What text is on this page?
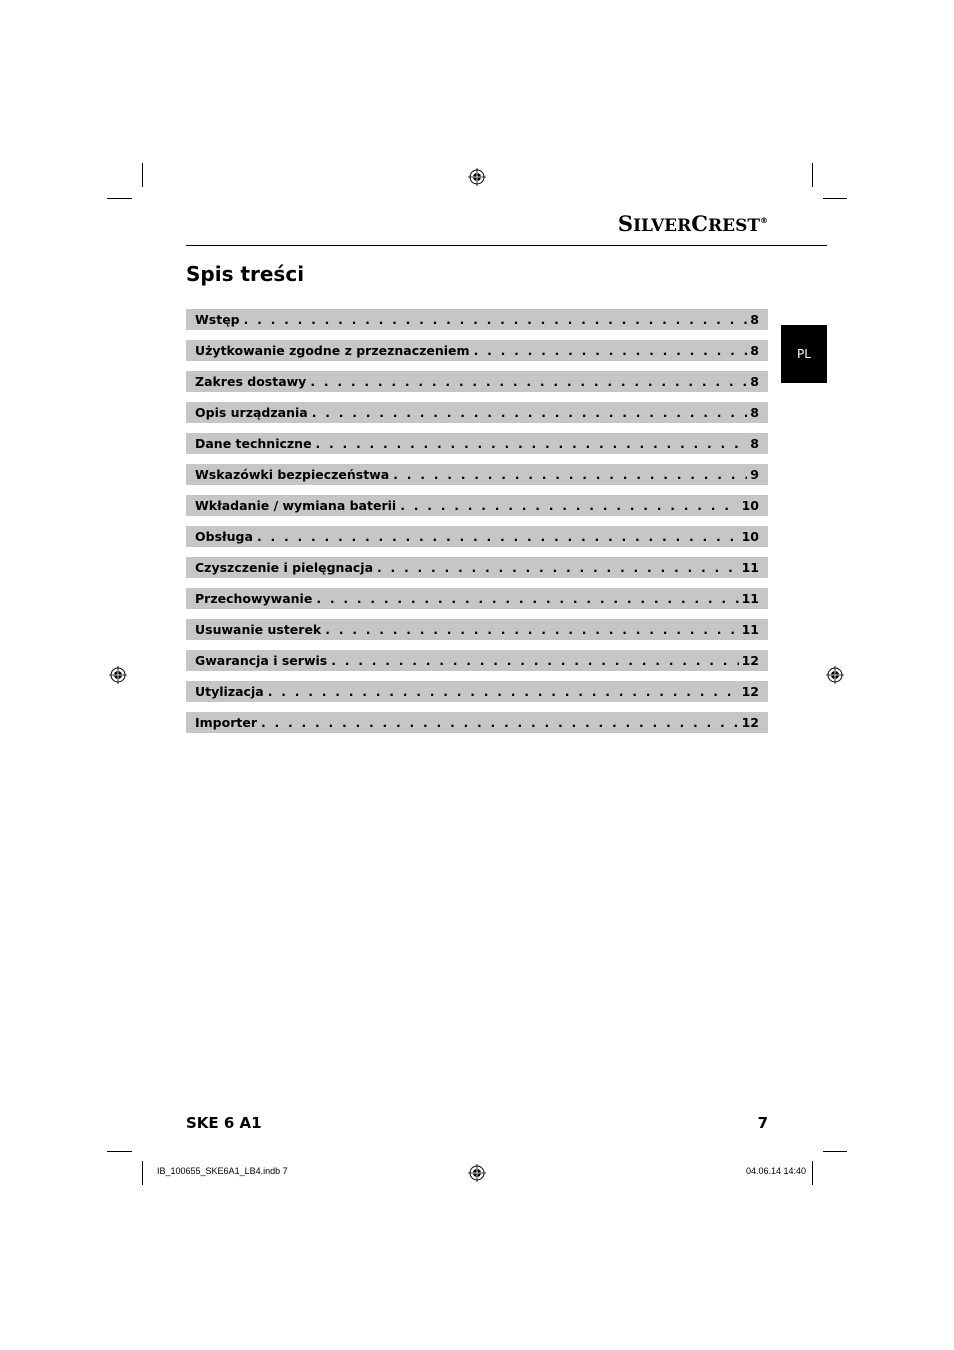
SILVERCREST®
Spis treści
PL
Wstęp . . .	8
Użytkowanie zgodne z przeznaczeniem . . .	8
Zakres dostawy . . .	8
Opis urządzania . . .	8
Dane techniczne . . .	8
Wskazówki bezpieczeństwa . . .	9
Wkładanie / wymiana baterii . . .	10
Obsługa . . .	10
Czyszczenie i pielęgnacja . . .	11
Przechowywanie . . .	11
Usuwanie usterek . . .	11
Gwarancja i serwis . . .	12
Utylizacja . . .	12
Importer . . .	12
SKE 6 A1	7
IB_100655_SKE6A1_LB4.indb 7	04.06.14 14:40
